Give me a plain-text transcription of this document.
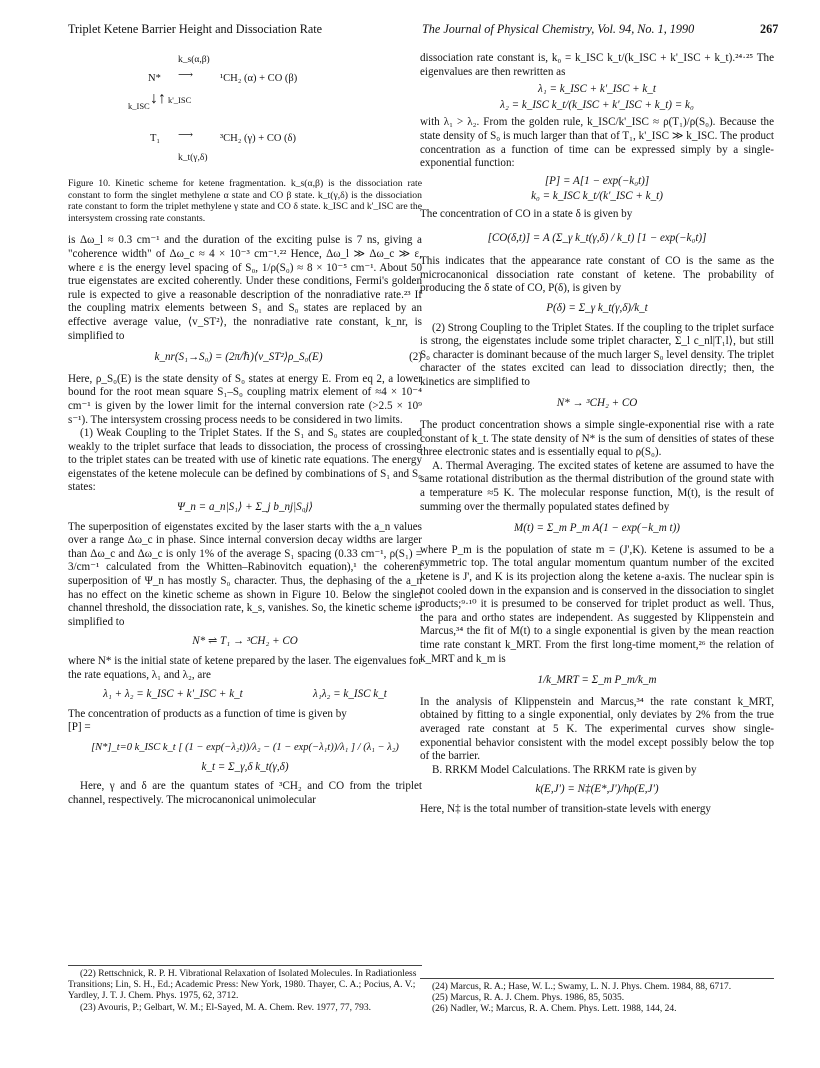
Triplet Ketene Barrier Height and Dissociation Rate	The Journal of Physical Chemistry, Vol. 94, No. 1, 1990	267
N*
k_s(α,β)
⟶	¹CH₂ (α) + CO (β)
k_ISC ↓↑ k'_ISC
T₁ ⟶	³CH₂ (γ) + CO (δ)
k_t(γ,δ)
Figure 10. Kinetic scheme for ketene fragmentation. k_s(α,β) is the dissociation rate constant to form the singlet methylene α state and CO β state. k_t(γ,δ) is the dissociation rate constant to form the triplet methylene γ state and CO δ state. k_ISC and k'_ISC are the intersystem crossing rate constants.

is Δω_l ≈ 0.3 cm⁻¹ and the duration of the exciting pulse is 7 ns, giving a "coherence width" of Δω_c ≈ 4 × 10⁻³ cm⁻¹.²² Hence, Δω_l ≫ Δω_c ≫ ε, where ε is the energy level spacing of S₀, 1/ρ(S₀) ≈ 8 × 10⁻⁵ cm⁻¹. About 50 true eigenstates are excited coherently. Under these conditions, Fermi's golden rule is expected to give a reasonable description of the nonradiative rate.²³ If the coupling matrix elements between S₁ and S₀ states are replaced by an effective average value, ⟨v_ST²⟩, the nonradiative rate constant, k_nr, is simplified to

k_nr(S₁→S₀) = (2π/ℏ)⟨v_ST²⟩ρ_S₀(E)	(2)

Here, ρ_S₀(E) is the state density of S₀ states at energy E. From eq 2, a lower bound for the root mean square S₁–S₀ coupling matrix element of ≈4 × 10⁻⁴ cm⁻¹ is given by the lower limit for the internal conversion rate (>2.5 × 10⁹ s⁻¹). The intersystem crossing process needs to be considered in two limits.

(1) Weak Coupling to the Triplet States. If the S₁ and S₀ states are coupled weakly to the triplet surface that leads to dissociation, the process of crossing to the triplet states can be treated with use of kinetic rate equations. The energy eigenstates of the ketene molecule can be defined by combinations of S₁ and S₀ states:

Ψ_n = a_n|S₁⟩ + Σ_j b_nj|S₀j⟩

The superposition of eigenstates excited by the laser starts with the a_n values over a range Δω_c in phase. Since internal conversion decay widths are larger than Δω_c and Δω_c is only 1% of the average S₁ spacing (0.33 cm⁻¹, ρ(S₁) = 3/cm⁻¹ calculated from the Whitten–Rabinovitch equation),¹ the coherent superposition of Ψ_n has mostly S₀ character. Thus, the dephasing of the a_n has no effect on the kinetic scheme as shown in Figure 10. Below the singlet channel threshold, the dissociation rate, k_s, vanishes. So, the kinetic scheme is simplified to

N* ⇌ T₁ → ³CH₂ + CO

where N* is the initial state of ketene prepared by the laser. The eigenvalues for the rate equations, λ₁ and λ₂, are

λ₁ + λ₂ = k_ISC + k'_ISC + k_t	λ₁λ₂ = k_ISC k_t

The concentration of products as a function of time is given by

[P] =
[N*]_t=0 k_ISC k_t [ (1 − exp(−λ₂t))/λ₂ − (1 − exp(−λ₁t))/λ₁ ] / (λ₁ − λ₂)
k_t = Σ_γ,δ k_t(γ,δ)

Here, γ and δ are the quantum states of ³CH₂ and CO from the triplet channel, respectively. The microcanonical unimolecular

(22) Rettschnick, R. P. H. Vibrational Relaxation of Isolated Molecules. In Radiationless Transitions; Lin, S. H., Ed.; Academic Press: New York, 1980. Thayer, C. A.; Pocius, A. V.; Yardley, J. T. J. Chem. Phys. 1975, 62, 3712.
(23) Avouris, P.; Gelbart, W. M.; El-Sayed, M. A. Chem. Rev. 1977, 77, 793.

dissociation rate constant is, k₀ = k_ISC k_t/(k_ISC + k'_ISC + k_t).²⁴·²⁵ The eigenvalues are then rewritten as

λ₁ = k_ISC + k'_ISC + k_t
λ₂ = k_ISC k_t/(k_ISC + k'_ISC + k_t) = k₀

with λ₁ > λ₂. From the golden rule, k_ISC/k'_ISC ≈ ρ(T₁)/ρ(S₀). Because the state density of S₀ is much larger than that of T₁, k'_ISC ≫ k_ISC. The product concentration as a function of time can be expressed simply by a single-exponential function:

[P] = A[1 − exp(−k₀t)]
k₀ = k_ISC k_t/(k'_ISC + k_t)

The concentration of CO in a state δ is given by

[CO(δ,t)] = A (Σ_γ k_t(γ,δ) / k_t) [1 − exp(−k₀t)]

This indicates that the appearance rate constant of CO is the same as the microcanonical dissociation rate constant of ketene. The probability of producing the δ state of CO, P(δ), is given by

P(δ) = Σ_γ k_t(γ,δ)/k_t

(2) Strong Coupling to the Triplet States. If the coupling to the triplet surface is strong, the eigenstates include some triplet character, Σ_l c_nl|T₁l⟩, but still S₀ character is dominant because of the much larger S₀ level density. The triplet character of the states excited can lead to dissociation directly; then, the kinetics are simplified to

N* → ³CH₂ + CO

The product concentration shows a simple single-exponential rise with a rate constant of k_t. The state density of N* is the sum of densities of states of these three electronic states and is essentially equal to ρ(S₀).

A. Thermal Averaging. The excited states of ketene are assumed to have the same rotational distribution as the thermal distribution of the ground state with a temperature ≈5 K. The molecular response function, M(t), is the result of summing over the thermally populated states defined by

M(t) = Σ_m P_m A(1 − exp(−k_m t))

where P_m is the population of state m = (J',K). Ketene is assumed to be a symmetric top. The total angular momentum quantum number of the excited ketene is J', and K is its projection along the ketene a-axis. The nuclear spin is not cooled down in the expansion and is conserved in the dissociation to singlet products;⁹·¹⁰ it is presumed to be conserved for triplet product as well. Thus, the para and ortho states are independent. As suggested by Klippenstein and Marcus,³⁴ the fit of M(t) to a single exponential is given by the mean reaction time rate constant k_MRT. From the first long-time moment,²⁶ the relation of k_MRT and k_m is

1/k_MRT = Σ_m P_m/k_m

In the analysis of Klippenstein and Marcus,³⁴ the rate constant k_MRT, obtained by fitting to a single exponential, only deviates by 2% from the true averaged rate constant at 5 K. The experimental curves show single-exponential behavior consistent with the model except possibly below the top of the barrier.

B. RRKM Model Calculations. The RRKM rate is given by

k(E,J') = N‡(E*,J')/hρ(E,J')

Here, N‡ is the total number of transition-state levels with energy

(24) Marcus, R. A.; Hase, W. L.; Swamy, L. N. J. Phys. Chem. 1984, 88, 6717.
(25) Marcus, R. A. J. Chem. Phys. 1986, 85, 5035.
(26) Nadler, W.; Marcus, R. A. Chem. Phys. Lett. 1988, 144, 24.
